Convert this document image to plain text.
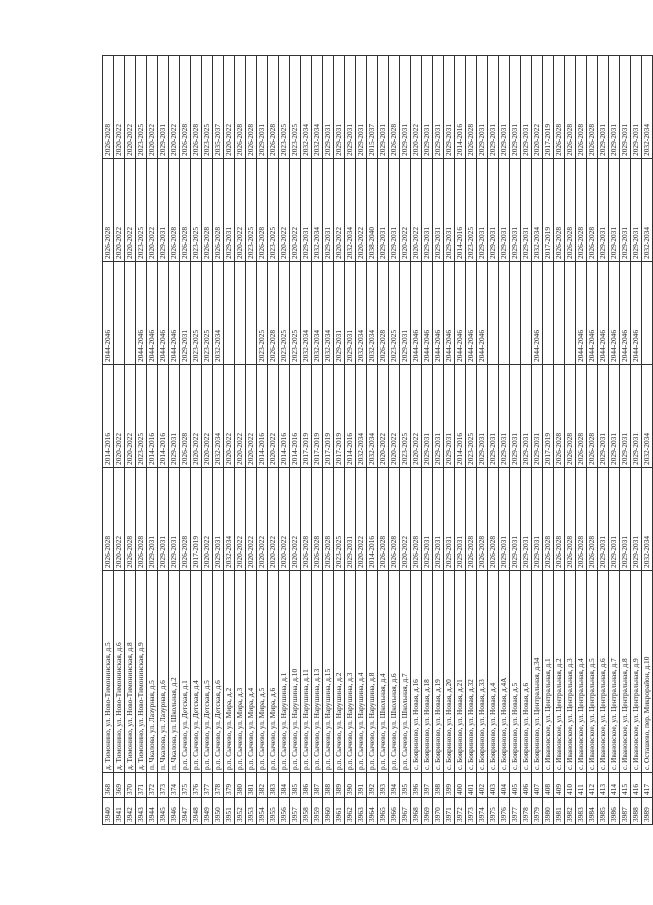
3940	368	д. Тимонино, ул. Ново-Тимонинская, д.5	2026-2028	2014-2016	2044-2046	2026-2028	2026-2028
3941	369	д. Тимонино, ул. Ново-Тимонинская, д.6	2020-2022	2020-2022		2020-2022	2020-2022
3942	370	д. Тимонино, ул. Ново-Тимонинская, д.8	2026-2028	2020-2022		2020-2022	2020-2022
3943	371	д. Тимонино, ул. Ново-Тимонинская, д.9	2026-2028	2023-2025	2044-2046	2023-2025	2023-2025
3944	372	п. Чкалова, ул. Лазурная, д.5	2029-2031	2014-2016	2044-2046	2020-2022	2020-2022
3945	373	п. Чкалова, ул. Лазурная, д.6	2029-2031	2014-2016	2044-2046	2029-2031	2029-2031
3946	374	п. Чкалова, ул. Школьная, д.2	2029-2031	2029-2031	2044-2046	2026-2028	2020-2022
3947	375	р.п. Сычево, ул. Детская, д.1	2026-2028	2026-2028	2029-2031	2026-2028	2026-2028
3948	376	р.п. Сычево, ул. Детская, д.4	2017-2019	2020-2022	2023-2025	2023-2025	2026-2028
3949	377	р.п. Сычево, ул. Детская, д.5	2020-2022	2020-2022	2023-2025	2026-2028	2023-2025
3950	378	р.п. Сычево, ул. Детская, д.6	2029-2031	2032-2034	2032-2034	2026-2028	2035-2037
3951	379	р.п. Сычево, ул. Мира, д.2	2032-2034	2020-2022		2029-2031	2020-2022
3952	380	р.п. Сычево, ул. Мира, д.3	2020-2022	2020-2022		2020-2022	2026-2028
3953	381	р.п. Сычево, ул. Мира, д.4	2020-2022	2020-2022		2023-2025	2026-2028
3954	382	р.п. Сычево, ул. Мира, д.5	2020-2022	2014-2016	2023-2025	2026-2028	2029-2031
3955	383	р.п. Сычево, ул. Мира, д.6	2020-2022	2020-2022	2026-2028	2023-2025	2026-2028
3956	384	р.п. Сычево, ул. Нарушина, д.1	2020-2022	2014-2016	2023-2025	2020-2022	2023-2025
3957	385	р.п. Сычево, ул. Нарушина, д.10	2020-2022	2014-2016	2023-2025	2020-2022	2023-2025
3958	386	р.п. Сычево, ул. Нарушина, д.11	2026-2028	2017-2019	2032-2034	2029-2031	2032-2034
3959	387	р.п. Сычево, ул. Нарушина, д.13	2026-2028	2017-2019	2032-2034	2032-2034	2032-2034
3960	388	р.п. Сычево, ул. Нарушина, д.15	2026-2028	2017-2019	2032-2034	2029-2031	2029-2031
3961	389	р.п. Сычево, ул. Нарушина, д.2	2023-2025	2017-2019	2029-2031	2020-2022	2029-2031
3962	390	р.п. Сычево, ул. Нарушина, д.3	2029-2031	2014-2016	2029-2031	2032-2034	2029-2031
3963	391	р.п. Сычево, ул. Нарушина, д.4	2020-2022	2032-2034	2032-2034	2020-2022	2029-2031
3964	392	р.п. Сычево, ул. Нарушина, д.8	2014-2016	2032-2034	2032-2034	2038-2040	2015-2037
3965	393	р.п. Сычево, ул. Школьная, д.4	2026-2028	2020-2022	2026-2028	2029-2031	2029-2031
3966	394	р.п. Сычево, ул. Школьная, д.6	2026-2028	2020-2022	2023-2025	2029-2031	2026-2028
3967	395	р.п. Сычево, ул. Школьная, д.7	2020-2022	2023-2025	2029-2031	2020-2022	2029-2031
3968	396	с. Бояриново, ул. Новая, д.16	2026-2028	2020-2022	2044-2046	2020-2022	2020-2022
3969	397	с. Бояриново, ул. Новая, д.18	2029-2031	2029-2031	2044-2046	2029-2031	2029-2031
3970	398	с. Бояриново, ул. Новая, д.19	2029-2031	2029-2031	2044-2046	2029-2031	2029-2031
3971	399	с. Бояриново, ул. Новая, д.20	2029-2031	2029-2031	2044-2046	2029-2031	2029-2031
3972	400	с. Бояриново, ул. Новая, д.21	2029-2031	2014-2016	2044-2046	2014-2016	2014-2016
3973	401	с. Бояриново, ул. Новая, д.32	2026-2028	2023-2025	2044-2046	2023-2025	2026-2028
3974	402	с. Бояриново, ул. Новая, д.33	2026-2028	2029-2031	2044-2046	2029-2031	2029-2031
3975	403	с. Бояриново, ул. Новая, д.4	2026-2028	2029-2031		2029-2031	2029-2031
3976	404	с. Бояриново, ул. Новая, д.4А	2029-2031	2029-2031		2029-2031	2029-2031
3977	405	с. Бояриново, ул. Новая, д.5	2029-2031	2029-2031		2029-2031	2029-2031
3978	406	с. Бояриново, ул. Новая, д.6	2029-2031	2029-2031		2029-2031	2029-2031
3979	407	с. Бояриново, ул. Центральная, д.34	2029-2031	2029-2031	2044-2046	2032-2034	2020-2022
3980	408	с. Ивановское, ул. Центральная, д.1	2026-2028	2017-2019		2017-2019	2017-2019
3981	409	с. Ивановское, ул. Центральная, д.2	2026-2028	2026-2028		2026-2028	2026-2028
3982	410	с. Ивановское, ул. Центральная, д.3	2026-2028	2026-2028		2026-2028	2026-2028
3983	411	с. Ивановское, ул. Центральная, д.4	2026-2028	2026-2028	2044-2046	2026-2028	2026-2028
3984	412	с. Ивановское, ул. Центральная, д.5	2026-2028	2026-2028	2044-2046	2026-2028	2026-2028
3985	413	с. Ивановское, ул. Центральная, д.6	2029-2031	2029-2031	2044-2046	2029-2031	2029-2031
3986	414	с. Ивановское, ул. Центральная, д.7	2029-2031	2029-2031	2044-2046	2029-2031	2029-2031
3987	415	с. Ивановское, ул. Центральная, д.8	2029-2031	2029-2031	2044-2046	2029-2031	2029-2031
3988	416	с. Ивановское, ул. Центральная, д.9	2029-2031	2029-2031	2044-2046	2029-2031	2029-2031
3989	417	с. Осташево, пер. Микрорайон, д.10	2032-2034	2032-2034		2032-2034	2032-2034
